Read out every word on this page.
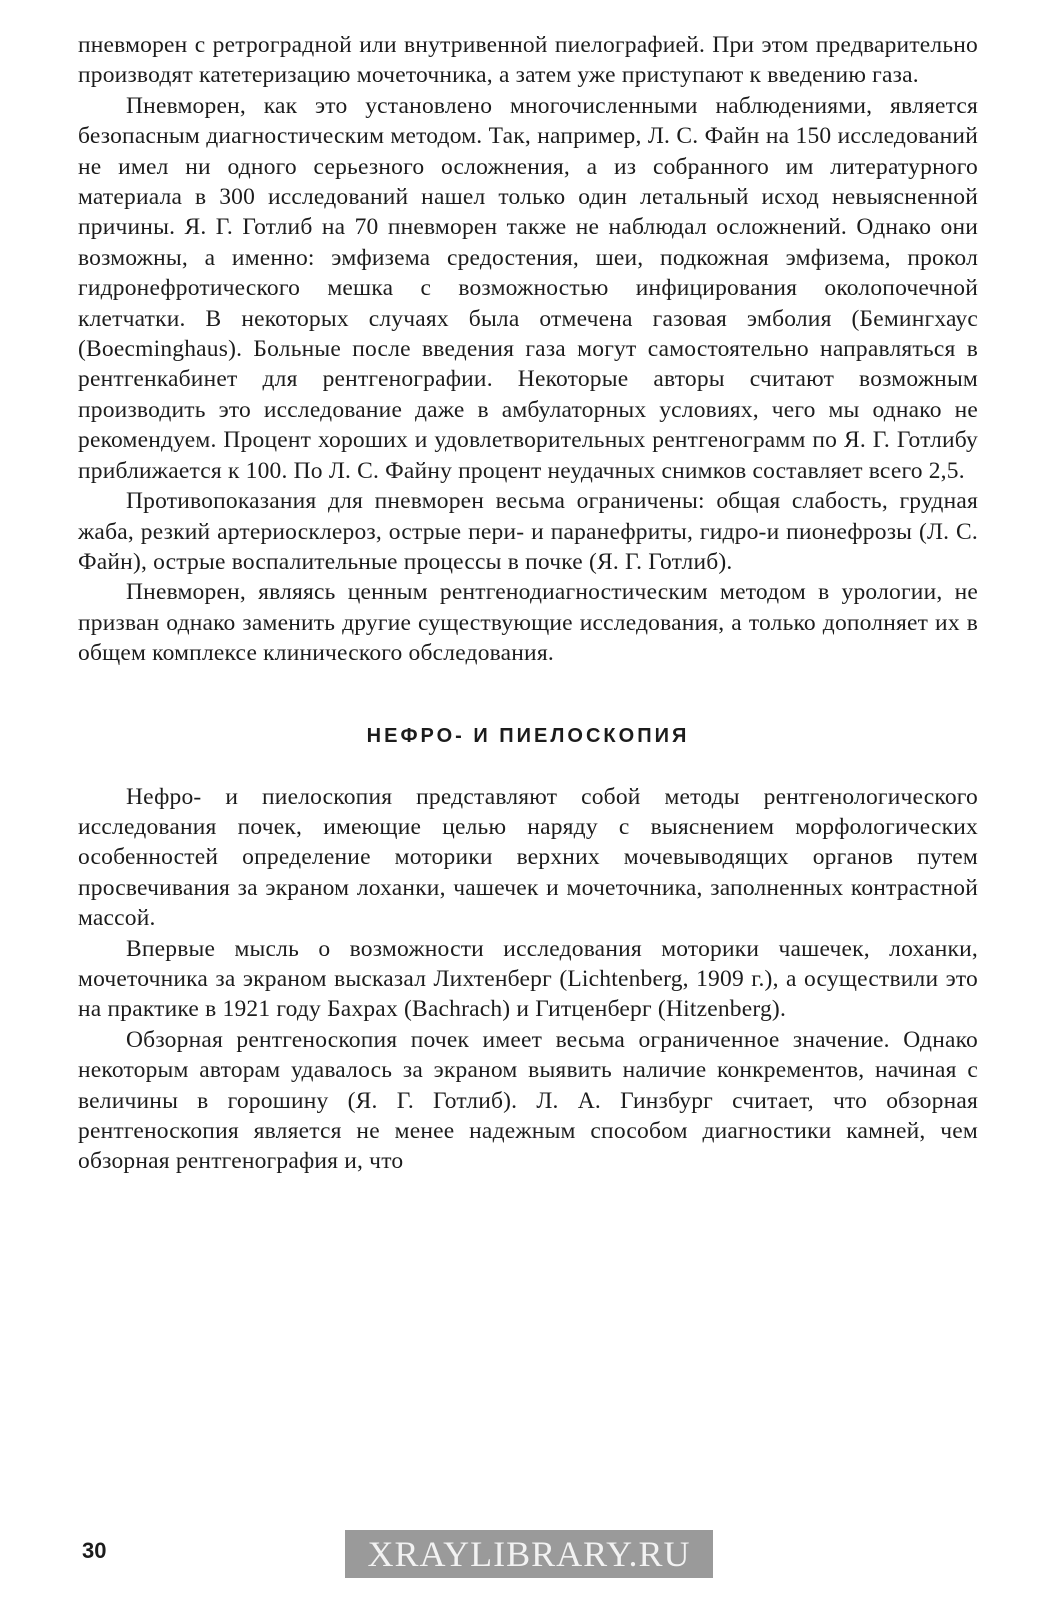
пневморен с ретроградной или внутривенной пиелографией. При этом предварительно производят катетеризацию мочеточника, а затем уже приступают к введению газа.

Пневморен, как это установлено многочисленными наблюдениями, является безопасным диагностическим методом. Так, например, Л. С. Файн на 150 исследований не имел ни одного серьезного осложнения, а из собранного им литературного материала в 300 исследований нашел только один летальный исход невыясненной причины. Я. Г. Готлиб на 70 пневморен также не наблюдал осложнений. Однако они возможны, а именно: эмфизема средостения, шеи, подкожная эмфизема, прокол гидронефротического мешка с возможностью инфицирования околопочечной клетчатки. В некоторых случаях была отмечена газовая эмболия (Бемингхаус (Boecminghaus). Больные после введения газа могут самостоятельно направляться в рентгенкабинет для рентгенографии. Некоторые авторы считают возможным производить это исследование даже в амбулаторных условиях, чего мы однако не рекомендуем. Процент хороших и удовлетворительных рентгенограмм по Я. Г. Готлибу приближается к 100. По Л. С. Файну процент неудачных снимков составляет всего 2,5.

Противопоказания для пневморен весьма ограничены: общая слабость, грудная жаба, резкий артериосклероз, острые пери- и паранефриты, гидро-и пионефрозы (Л. С. Файн), острые воспалительные процессы в почке (Я. Г. Готлиб).

Пневморен, являясь ценным рентгенодиагностическим методом в урологии, не призван однако заменить другие существующие исследования, а только дополняет их в общем комплексе клинического обследования.

НЕФРО- И ПИЕЛОСКОПИЯ

Нефро- и пиелоскопия представляют собой методы рентгенологического исследования почек, имеющие целью наряду с выяснением морфологических особенностей определение моторики верхних мочевыводящих органов путем просвечивания за экраном лоханки, чашечек и мочеточника, заполненных контрастной массой.

Впервые мысль о возможности исследования моторики чашечек, лоханки, мочеточника за экраном высказал Лихтенберг (Lichtenberg, 1909 г.), а осуществили это на практике в 1921 году Бахрах (Bachrach) и Гитценберг (Hitzenberg).

Обзорная рентгеноскопия почек имеет весьма ограниченное значение. Однако некоторым авторам удавалось за экраном выявить наличие конкрементов, начиная с величины в горошину (Я. Г. Готлиб). Л. А. Гинзбург считает, что обзорная рентгеноскопия является не менее надежным способом диагностики камней, чем обзорная рентгенография и, что

30	XRAYLIBRARY.RU
